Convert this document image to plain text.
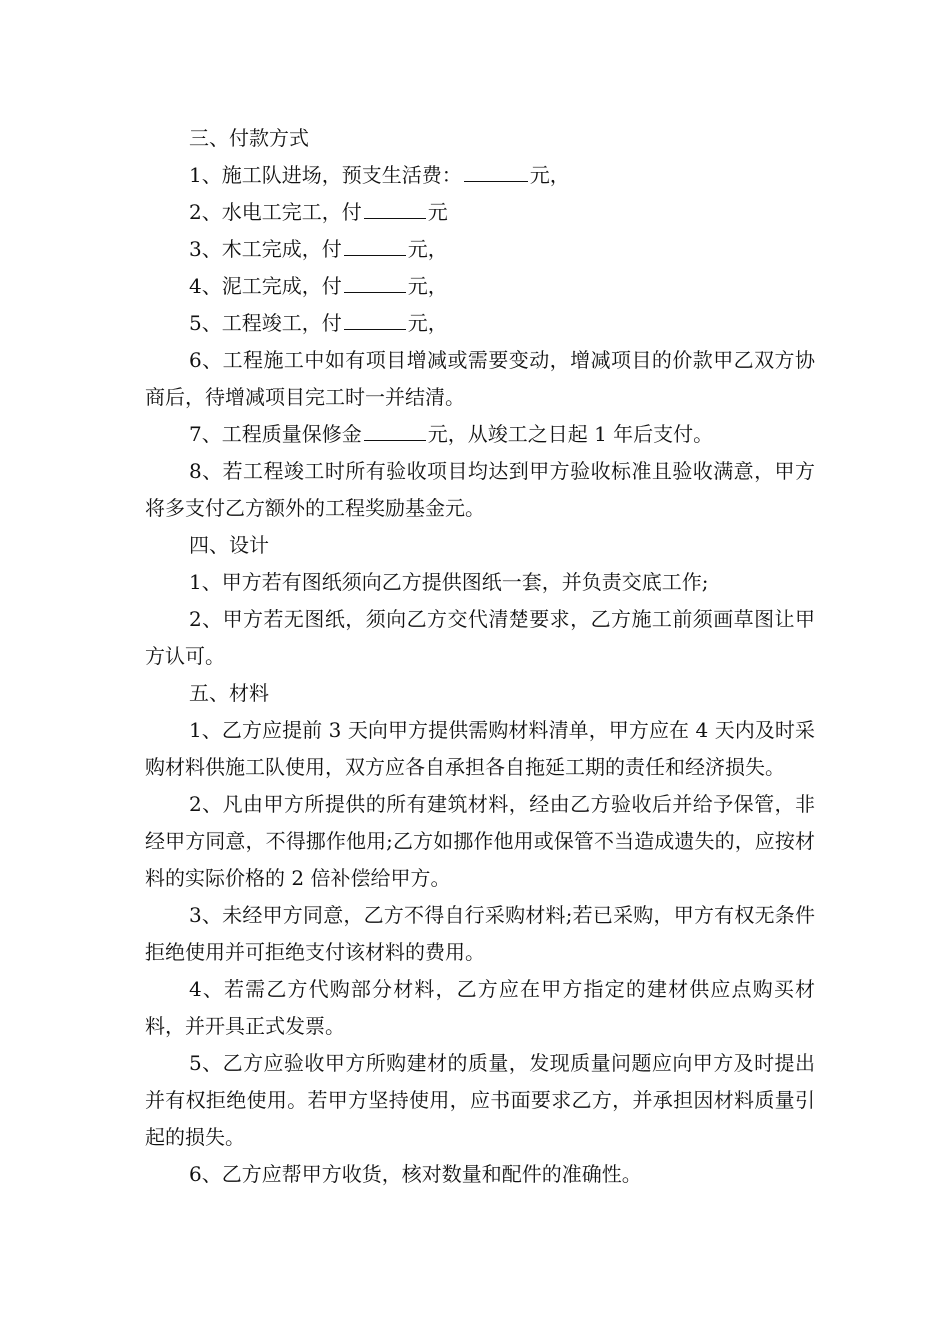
三、付款方式

1、施工队进场，预支生活费：	元，

2、水电工完工，付	元

3、木工完成，付	元，

4、泥工完成，付	元，

5、工程竣工，付	元，

6、工程施工中如有项目增减或需要变动，增减项目的价款甲乙双方协商后，待增减项目完工时一并结清。

7、工程质量保修金	元，从竣工之日起 1 年后支付。

8、若工程竣工时所有验收项目均达到甲方验收标准且验收满意，甲方将多支付乙方额外的工程奖励基金元。

四、设计

1、甲方若有图纸须向乙方提供图纸一套，并负责交底工作;

2、甲方若无图纸，须向乙方交代清楚要求，乙方施工前须画草图让甲方认可。

五、材料

1、乙方应提前 3 天向甲方提供需购材料清单，甲方应在 4 天内及时采购材料供施工队使用，双方应各自承担各自拖延工期的责任和经济损失。

2、凡由甲方所提供的所有建筑材料，经由乙方验收后并给予保管，非经甲方同意，不得挪作他用;乙方如挪作他用或保管不当造成遗失的，应按材料的实际价格的 2 倍补偿给甲方。

3、未经甲方同意，乙方不得自行采购材料;若已采购，甲方有权无条件拒绝使用并可拒绝支付该材料的费用。

4、若需乙方代购部分材料，乙方应在甲方指定的建材供应点购买材料，并开具正式发票。

5、乙方应验收甲方所购建材的质量，发现质量问题应向甲方及时提出并有权拒绝使用。若甲方坚持使用，应书面要求乙方，并承担因材料质量引起的损失。

6、乙方应帮甲方收货，核对数量和配件的准确性。
